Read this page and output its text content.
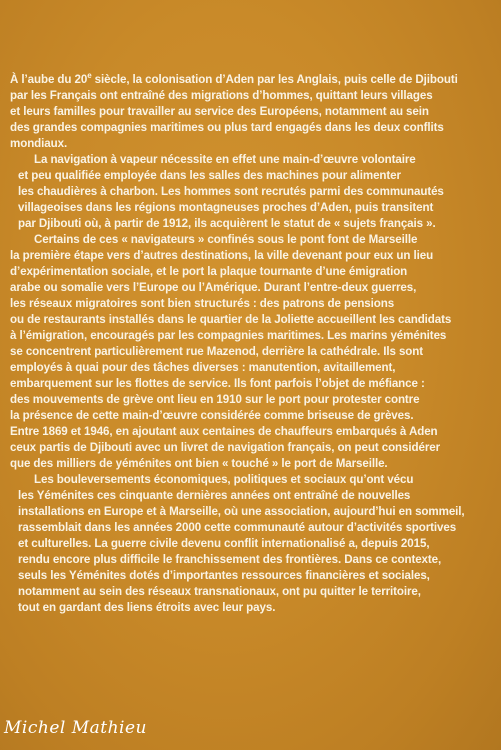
À l’aube du 20e siècle, la colonisation d’Aden par les Anglais, puis celle de Djibouti
par les Français ont entraîné des migrations d’hommes, quittant leurs villages
et leurs familles pour travailler au service des Européens, notamment au sein
des grandes compagnies maritimes ou plus tard engagés dans les deux conflits
mondiaux.
La navigation à vapeur nécessite en effet une main-d’œuvre volontaire
et peu qualifiée employée dans les salles des machines pour alimenter
les chaudières à charbon. Les hommes sont recrutés parmi des communautés
villageoises dans les régions montagneuses proches d’Aden, puis transitent
par Djibouti où, à partir de 1912, ils acquièrent le statut de « sujets français ».
Certains de ces « navigateurs » confinés sous le pont font de Marseille
la première étape vers d’autres destinations, la ville devenant pour eux un lieu
d’expérimentation sociale, et le port la plaque tournante d’une émigration
arabe ou somalie vers l’Europe ou l’Amérique. Durant l’entre-deux guerres,
les réseaux migratoires sont bien structurés : des patrons de pensions
ou de restaurants installés dans le quartier de la Joliette accueillent les candidats
à l’émigration, encouragés par les compagnies maritimes. Les marins yéménites
se concentrent particulièrement rue Mazenod, derrière la cathédrale. Ils sont
employés à quai pour des tâches diverses : manutention, avitaillement,
embarquement sur les flottes de service. Ils font parfois l’objet de méfiance :
des mouvements de grève ont lieu en 1910 sur le port pour protester contre
la présence de cette main-d’œuvre considérée comme briseuse de grèves.
Entre 1869 et 1946, en ajoutant aux centaines de chauffeurs embarqués à Aden
ceux partis de Djibouti avec un livret de navigation français, on peut considérer
que des milliers de yéménites ont bien « touché » le port de Marseille.
Les bouleversements économiques, politiques et sociaux qu’ont vécu
les Yéménites ces cinquante dernières années ont entraîné de nouvelles
installations en Europe et à Marseille, où une association, aujourd’hui en sommeil,
rassemblait dans les années 2000 cette communauté autour d’activités sportives
et culturelles. La guerre civile devenu conflit internationalisé a, depuis 2015,
rendu encore plus difficile le franchissement des frontières. Dans ce contexte,
seuls les Yéménites dotés d’importantes ressources financières et sociales,
notamment au sein des réseaux transnationaux, ont pu quitter le territoire,
tout en gardant des liens étroits avec leur pays.
Michel Mathieu
